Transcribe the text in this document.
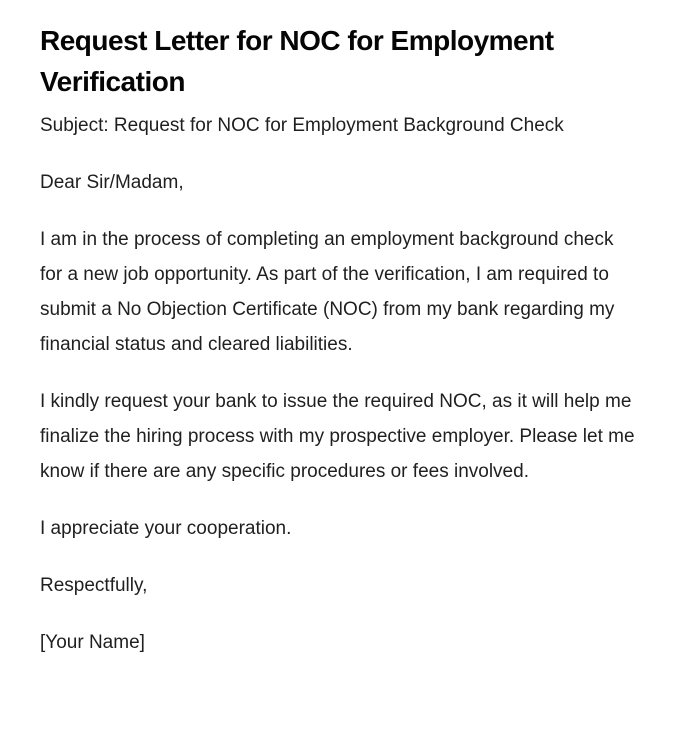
Request Letter for NOC for Employment Verification

Subject: Request for NOC for Employment Background Check

Dear Sir/Madam,

I am in the process of completing an employment background check for a new job opportunity. As part of the verification, I am required to submit a No Objection Certificate (NOC) from my bank regarding my financial status and cleared liabilities.

I kindly request your bank to issue the required NOC, as it will help me finalize the hiring process with my prospective employer. Please let me know if there are any specific procedures or fees involved.

I appreciate your cooperation.

Respectfully,

[Your Name]
